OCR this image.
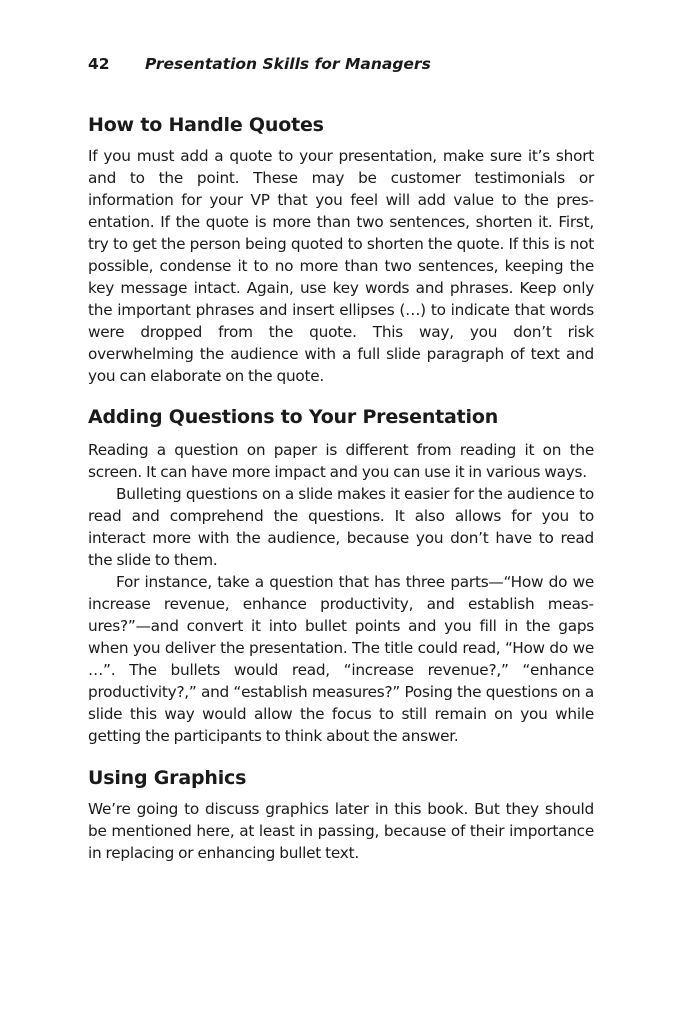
42 Presentation Skills for Managers
How to Handle Quotes

If you must add a quote to your presentation, make sure it’s short and to the point. These may be customer testimonials or information for your VP that you feel will add value to the presentation. If the quote is more than two sentences, shorten it. First, try to get the person being quoted to shorten the quote. If this is not possible, condense it to no more than two sentences, keeping the key message intact. Again, use key words and phrases. Keep only the important phrases and insert ellipses (…) to indicate that words were dropped from the quote. This way, you don’t risk overwhelming the audience with a full slide paragraph of text and you can elaborate on the quote.

Adding Questions to Your Presentation

Reading a question on paper is different from reading it on the screen. It can have more impact and you can use it in various ways.

Bulleting questions on a slide makes it easier for the audience to read and comprehend the questions. It also allows for you to interact more with the audience, because you don’t have to read the slide to them.

For instance, take a question that has three parts—“How do we increase revenue, enhance productivity, and establish measures?”—and convert it into bullet points and you fill in the gaps when you deliver the presentation. The title could read, “How do we …”. The bullets would read, “increase revenue?,” “enhance productivity?,” and “establish measures?” Posing the questions on a slide this way would allow the focus to still remain on you while getting the participants to think about the answer.

Using Graphics

We’re going to discuss graphics later in this book. But they should be mentioned here, at least in passing, because of their importance in replacing or enhancing bullet text.
